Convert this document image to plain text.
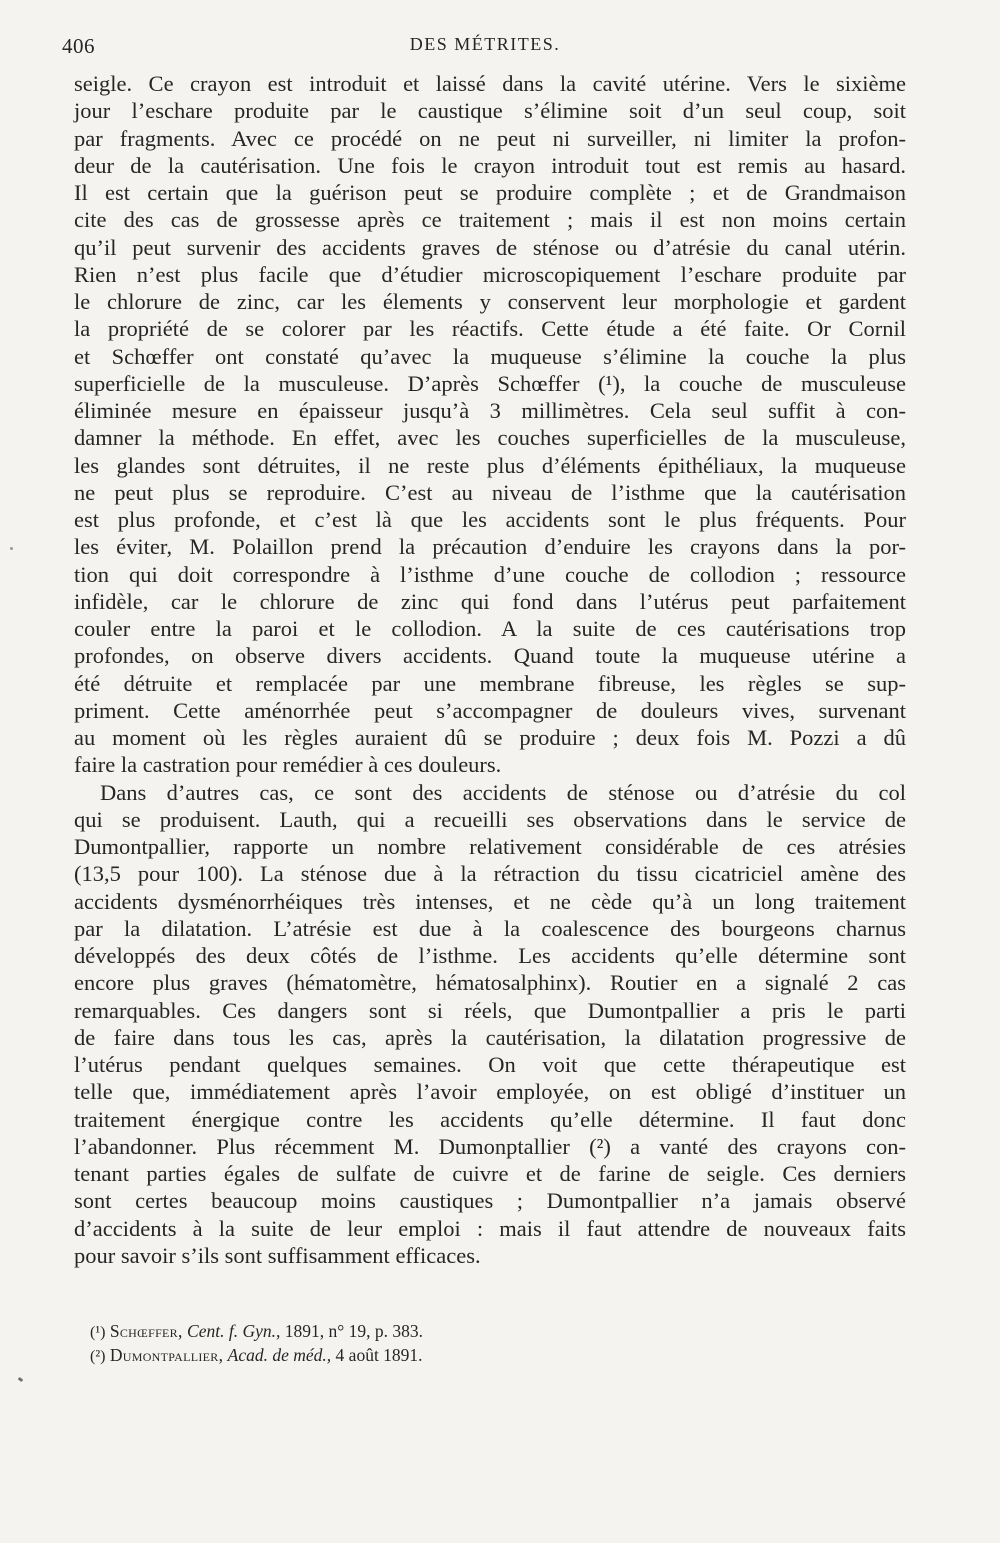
406	DES MÉTRITES.
seigle. Ce crayon est introduit et laissé dans la cavité utérine. Vers le sixième
jour l’eschare produite par le caustique s’élimine soit d’un seul coup, soit
par fragments. Avec ce procédé on ne peut ni surveiller, ni limiter la profon-
deur de la cautérisation. Une fois le crayon introduit tout est remis au hasard.
Il est certain que la guérison peut se produire complète ; et de Grandmaison
cite des cas de grossesse après ce traitement ; mais il est non moins certain
qu’il peut survenir des accidents graves de sténose ou d’atrésie du canal utérin.
Rien n’est plus facile que d’étudier microscopiquement l’eschare produite par
le chlorure de zinc, car les élements y conservent leur morphologie et gardent
la propriété de se colorer par les réactifs. Cette étude a été faite. Or Cornil
et Schœffer ont constaté qu’avec la muqueuse s’élimine la couche la plus
superficielle de la musculeuse. D’après Schœffer (¹), la couche de musculeuse
éliminée mesure en épaisseur jusqu’à 3 millimètres. Cela seul suffit à con-
damner la méthode. En effet, avec les couches superficielles de la musculeuse,
les glandes sont détruites, il ne reste plus d’éléments épithéliaux, la muqueuse
ne peut plus se reproduire. C’est au niveau de l’isthme que la cautérisation
est plus profonde, et c’est là que les accidents sont le plus fréquents. Pour
les éviter, M. Polaillon prend la précaution d’enduire les crayons dans la por-
tion qui doit correspondre à l’isthme d’une couche de collodion ; ressource
infidèle, car le chlorure de zinc qui fond dans l’utérus peut parfaitement
couler entre la paroi et le collodion. A la suite de ces cautérisations trop
profondes, on observe divers accidents. Quand toute la muqueuse utérine a
été détruite et remplacée par une membrane fibreuse, les règles se sup-
priment. Cette aménorrhée peut s’accompagner de douleurs vives, survenant
au moment où les règles auraient dû se produire ; deux fois M. Pozzi a dû
faire la castration pour remédier à ces douleurs.
Dans d’autres cas, ce sont des accidents de sténose ou d’atrésie du col
qui se produisent. Lauth, qui a recueilli ses observations dans le service de
Dumontpallier, rapporte un nombre relativement considérable de ces atrésies
(13,5 pour 100). La sténose due à la rétraction du tissu cicatriciel amène des
accidents dysménorrhéiques très intenses, et ne cède qu’à un long traitement
par la dilatation. L’atrésie est due à la coalescence des bourgeons charnus
développés des deux côtés de l’isthme. Les accidents qu’elle détermine sont
encore plus graves (hématomètre, hématosalphinx). Routier en a signalé 2 cas
remarquables. Ces dangers sont si réels, que Dumontpallier a pris le parti
de faire dans tous les cas, après la cautérisation, la dilatation progressive de
l’utérus pendant quelques semaines. On voit que cette thérapeutique est
telle que, immédiatement après l’avoir employée, on est obligé d’instituer un
traitement énergique contre les accidents qu’elle détermine. Il faut donc
l’abandonner. Plus récemment M. Dumonptallier (²) a vanté des crayons con-
tenant parties égales de sulfate de cuivre et de farine de seigle. Ces derniers
sont certes beaucoup moins caustiques ; Dumontpallier n’a jamais observé
d’accidents à la suite de leur emploi : mais il faut attendre de nouveaux faits
pour savoir s’ils sont suffisamment efficaces.
(¹) Schœffer, Cent. f. Gyn., 1891, n° 19, p. 383.
(²) Dumontpallier, Acad. de méd., 4 août 1891.
